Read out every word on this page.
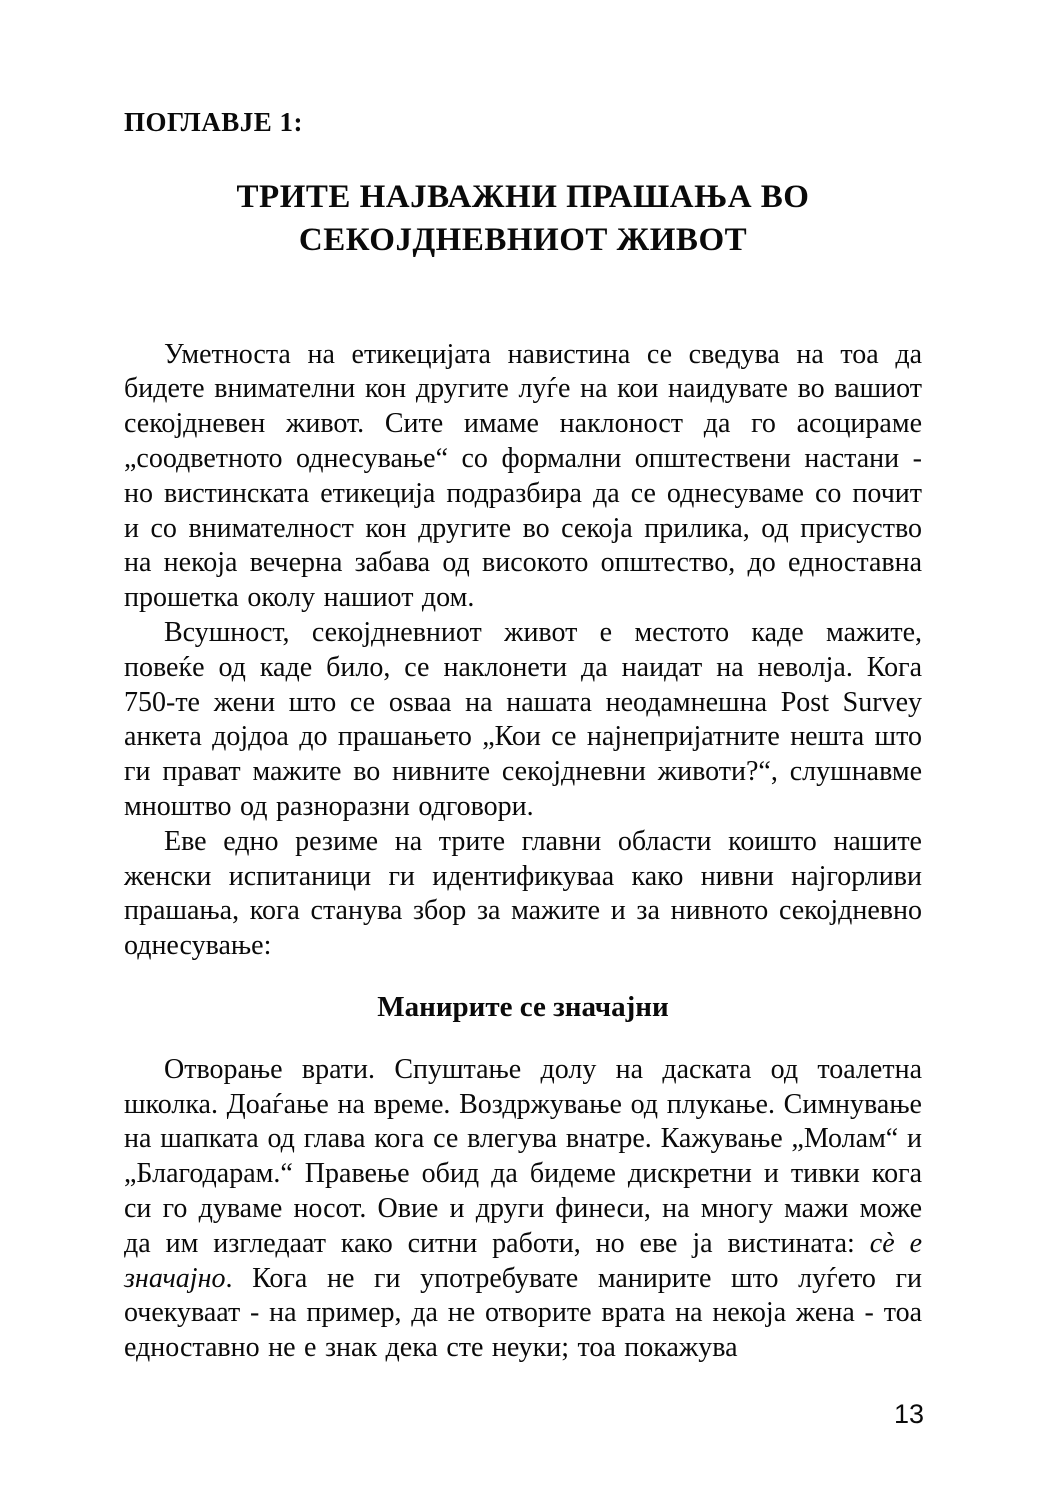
ПОГЛАВЈЕ 1:
ТРИТЕ НАЈВАЖНИ ПРАШАЊА ВО
СЕКОЈДНЕВНИОТ ЖИВОТ

Уметноста на етикецијата навистина се сведува на тоа да бидете внимателни кон другите луѓе на кои наидувате во вашиот секојдневен живот. Сите имаме наклоност да го асоцираме „соодветното однесување“ со формални општествени настани - но вистинската етикеција подразбира да се однесуваме со почит и со внимателност кон другите во секоја прилика, од присуство на некоја вечерна забава од високото општество, до едноставна прошетка околу нашиот дом.

Всушност, секојдневниот живот е местото каде мажите, повеќе од каде било, се наклонети да наидат на неволја. Кога 750-те жени што се оѕваа на нашата неодамнешна Post Survey анкета дојдоа до прашањето „Кои се најнепријатните нешта што ги прават мажите во нивните секојдневни животи?“, слушнавме мноштво од разноразни одговори.

Еве едно резиме на трите главни области коишто нашите женски испитаници ги идентификуваа како нивни најгорливи прашања, кога станува збор за мажите и за нивното секојдневно однесување:

Манирите се значајни

Отворање врати. Спуштање долу на даската од тоалетна школка. Доаѓање на време. Воздржување од плукање. Симнување на шапката од глава кога се влегува внатре. Кажување „Молам“ и „Благодарам.“ Правење обид да бидеме дискретни и тивки кога си го дуваме носот. Овие и други финеси, на многу мажи може да им изгледаат како ситни работи, но еве ја вистината: сè е значајно. Кога не ги употребувате манирите што луѓето ги очекуваат - на пример, да не отворите врата на некоја жена - тоа едноставно не е знак дека сте неуки; тоа покажува

13
